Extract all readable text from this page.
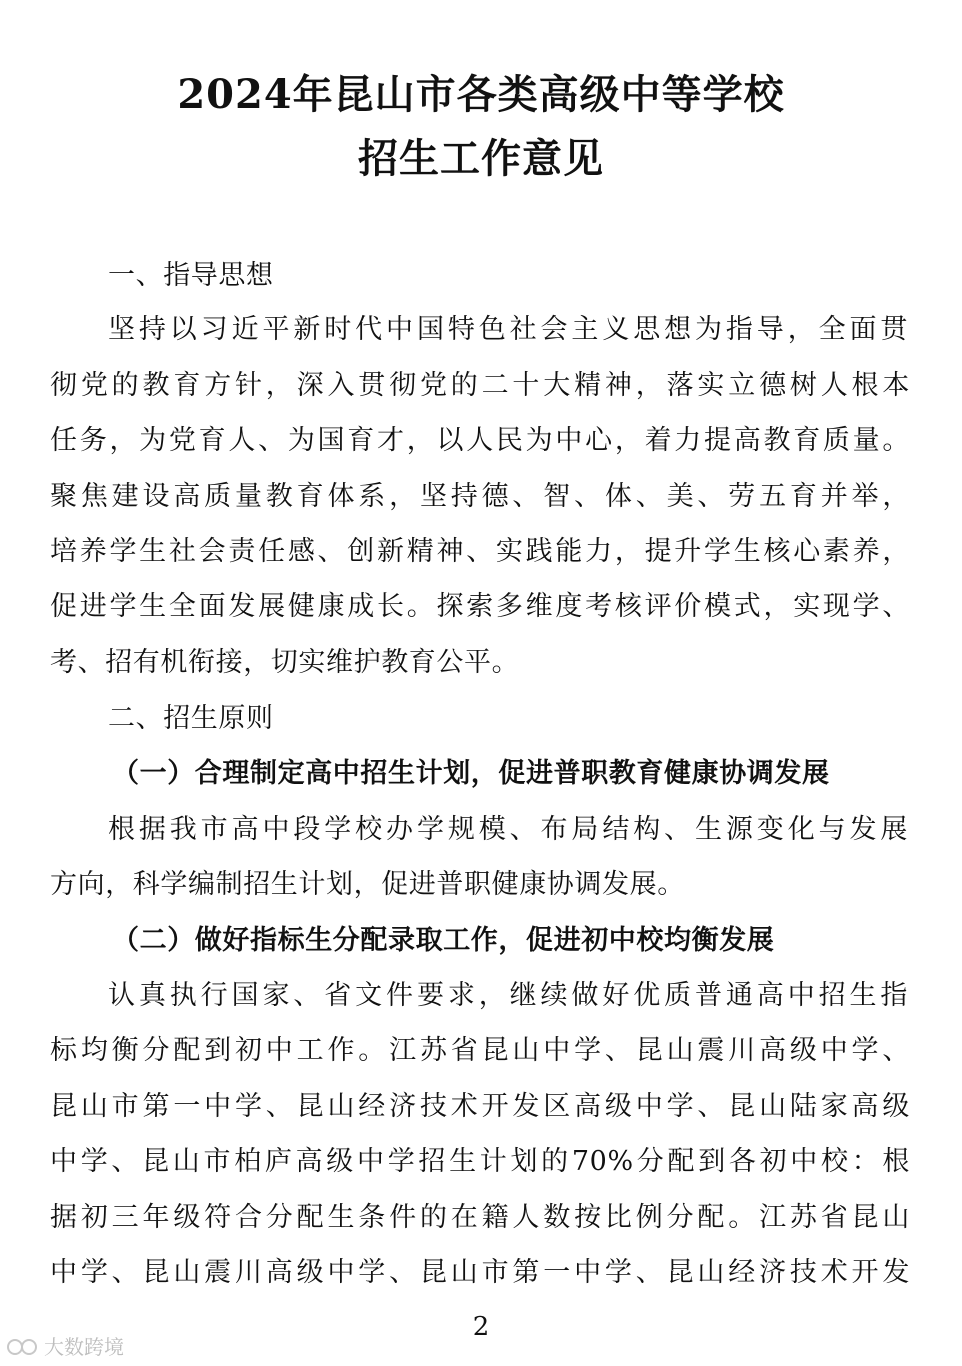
2024年昆山市各类高级中等学校
招生工作意见
一、指导思想
坚持以习近平新时代中国特色社会主义思想为指导，全面贯
彻党的教育方针，深入贯彻党的二十大精神，落实立德树人根本
任务，为党育人、为国育才，以人民为中心，着力提高教育质量。
聚焦建设高质量教育体系，坚持德、智、体、美、劳五育并举，
培养学生社会责任感、创新精神、实践能力，提升学生核心素养，
促进学生全面发展健康成长。探索多维度考核评价模式，实现学、
考、招有机衔接，切实维护教育公平。
二、招生原则
（一）合理制定高中招生计划，促进普职教育健康协调发展
根据我市高中段学校办学规模、布局结构、生源变化与发展
方向，科学编制招生计划，促进普职健康协调发展。
（二）做好指标生分配录取工作，促进初中校均衡发展
认真执行国家、省文件要求，继续做好优质普通高中招生指
标均衡分配到初中工作。江苏省昆山中学、昆山震川高级中学、
昆山市第一中学、昆山经济技术开发区高级中学、昆山陆家高级
中学、昆山市柏庐高级中学招生计划的70%分配到各初中校：根
据初三年级符合分配生条件的在籍人数按比例分配。江苏省昆山
中学、昆山震川高级中学、昆山市第一中学、昆山经济技术开发
2
大数跨境
